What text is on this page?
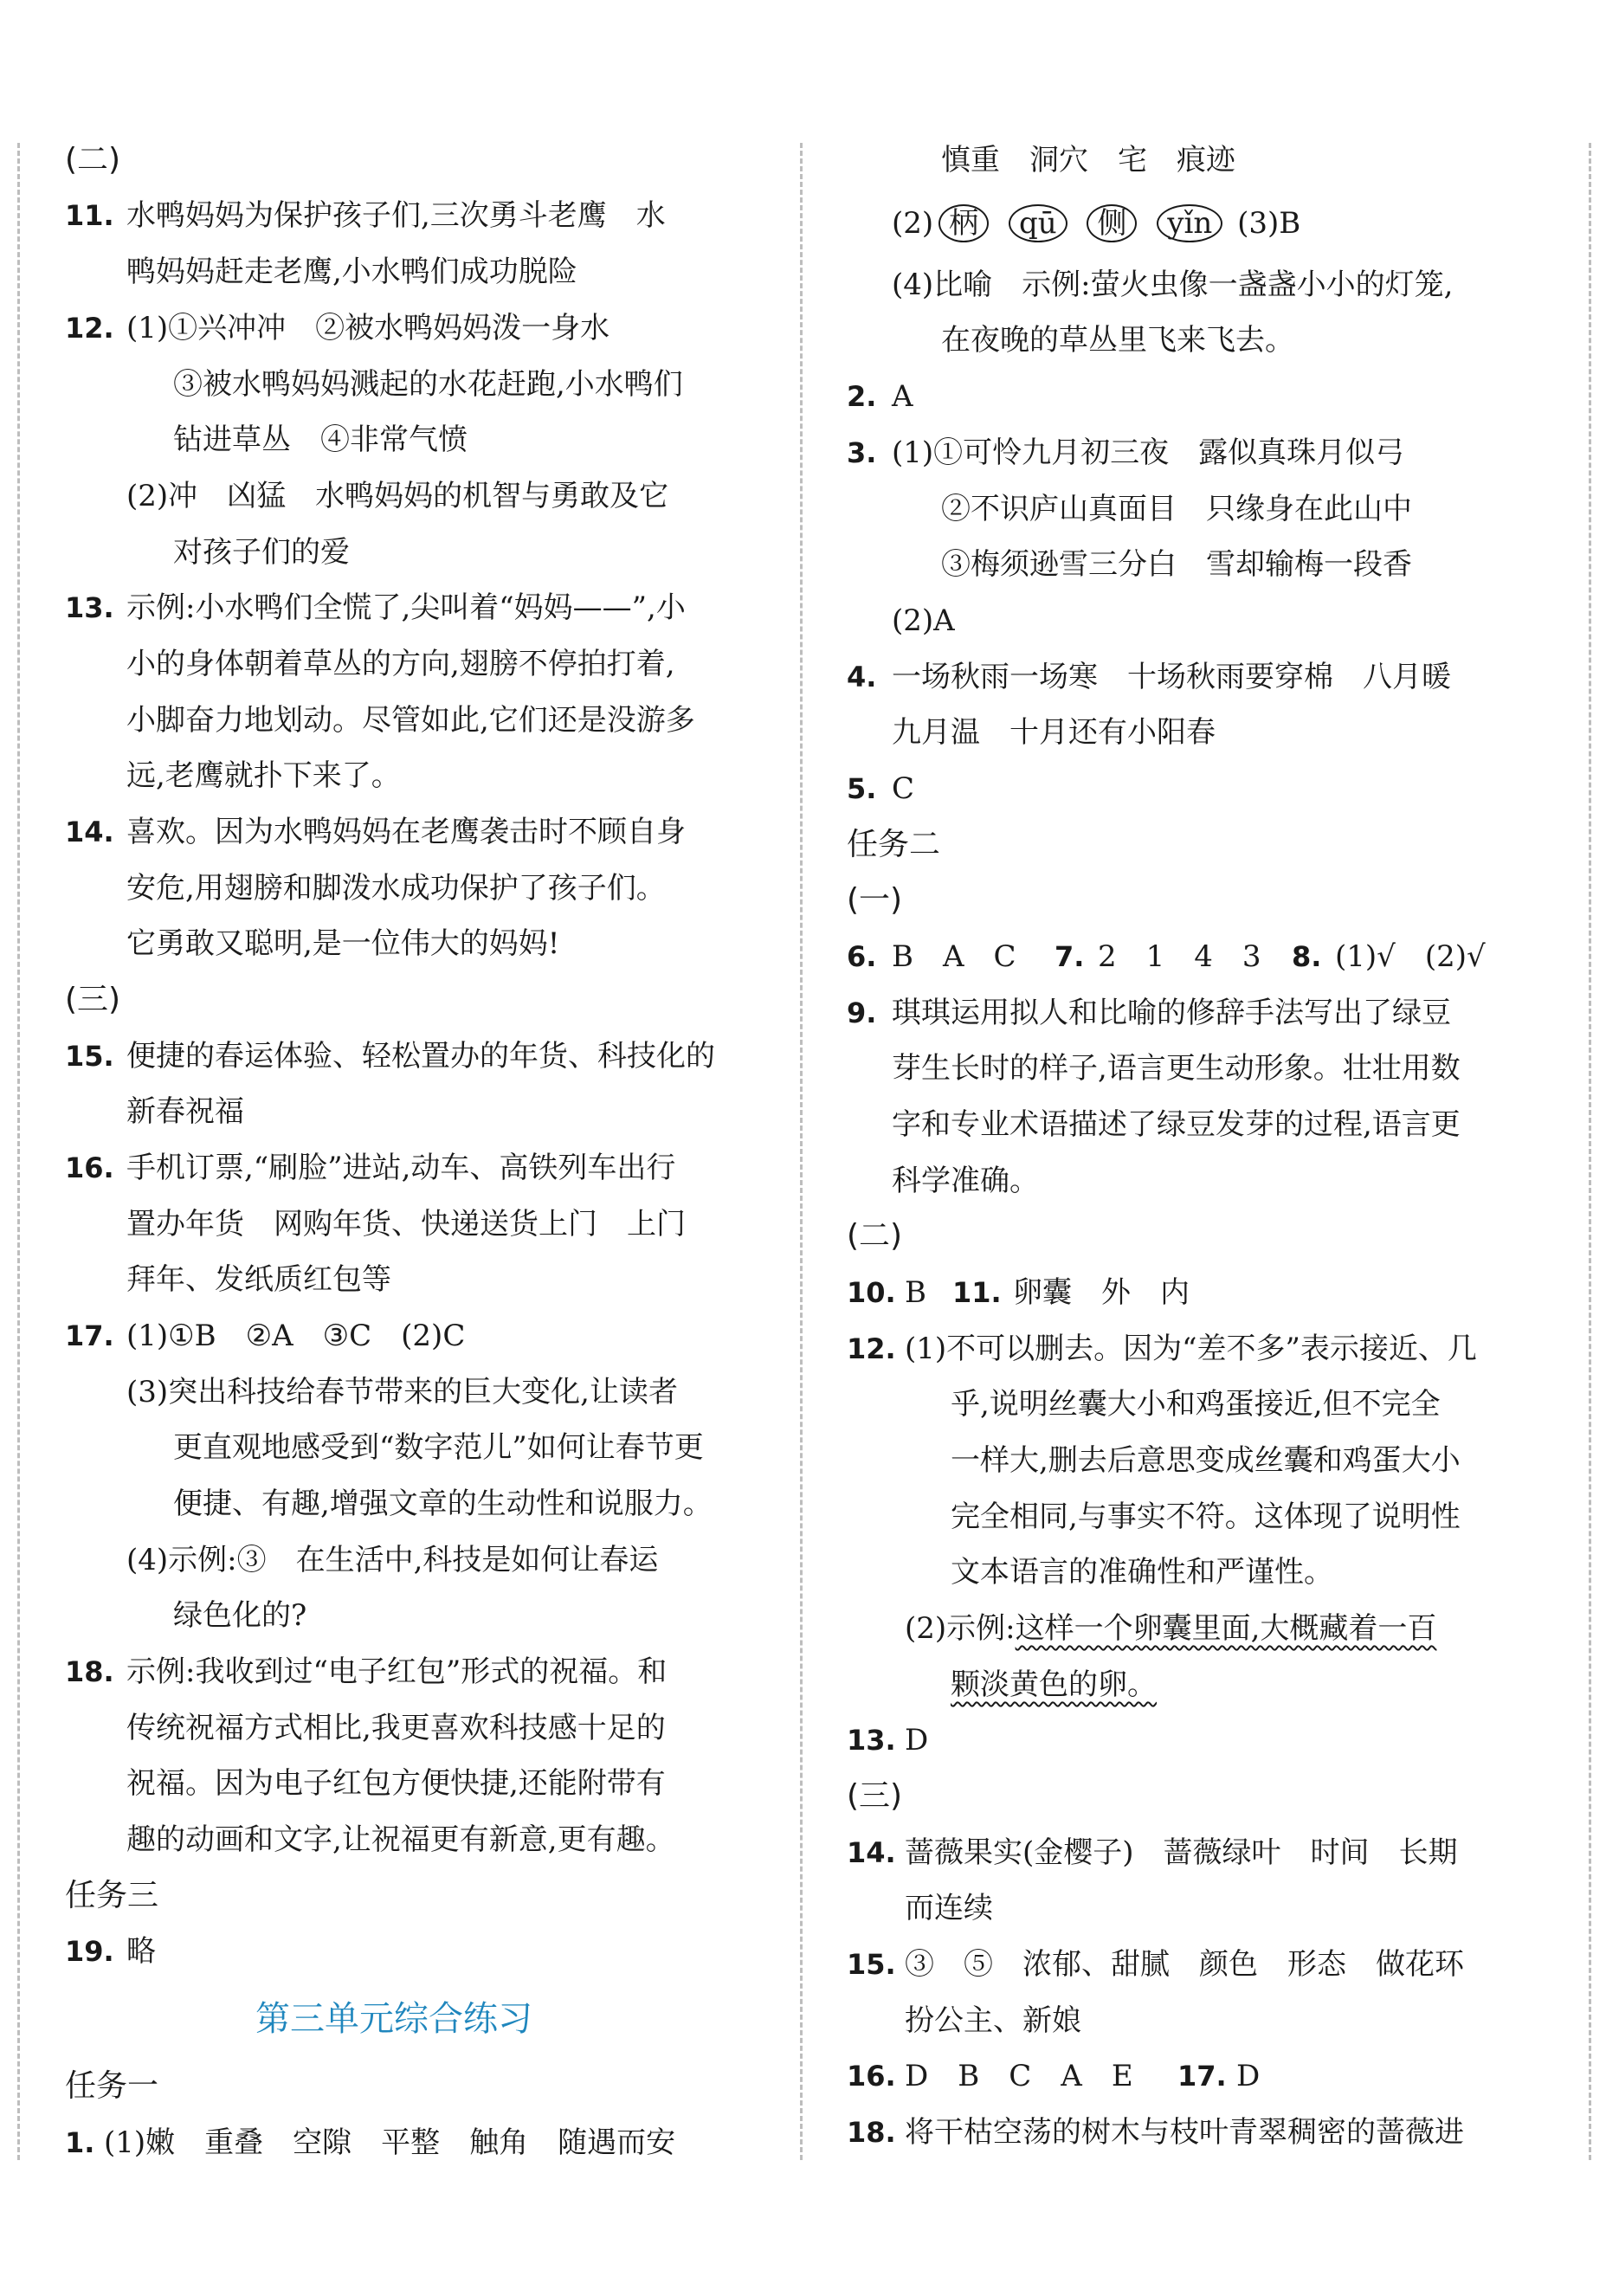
(二)
11. 水鸭妈妈为保护孩子们,三次勇斗老鹰　水
鸭妈妈赶走老鹰,小水鸭们成功脱险
12. (1)①兴冲冲　②被水鸭妈妈泼一身水
③被水鸭妈妈溅起的水花赶跑,小水鸭们
钻进草丛　④非常气愤
(2)冲　凶猛　水鸭妈妈的机智与勇敢及它
对孩子们的爱
13. 示例:小水鸭们全慌了,尖叫着“妈妈——”,小
小的身体朝着草丛的方向,翅膀不停拍打着,
小脚奋力地划动。尽管如此,它们还是没游多
远,老鹰就扑下来了。
14. 喜欢。因为水鸭妈妈在老鹰袭击时不顾自身
安危,用翅膀和脚泼水成功保护了孩子们。
它勇敢又聪明,是一位伟大的妈妈!
(三)
15. 便捷的春运体验、轻松置办的年货、科技化的
新春祝福
16. 手机订票,“刷脸”进站,动车、高铁列车出行
置办年货　网购年货、快递送货上门　上门
拜年、发纸质红包等
17. (1)①B　②A　③C　(2)C
(3)突出科技给春节带来的巨大变化,让读者
更直观地感受到“数字范儿”如何让春节更
便捷、有趣,增强文章的生动性和说服力。
(4)示例:③　在生活中,科技是如何让春运
绿色化的?
18. 示例:我收到过“电子红包”形式的祝福。和
传统祝福方式相比,我更喜欢科技感十足的
祝福。因为电子红包方便快捷,还能附带有
趣的动画和文字,让祝福更有新意,更有趣。
任务三
19. 略
第三单元综合练习
任务一
1. (1)嫩　重叠　空隙　平整　触角　随遇而安
慎重　洞穴　宅　痕迹
(2) 柄 qū 侧 yǐn (3)B
(4)比喻　示例:萤火虫像一盏盏小小的灯笼,
在夜晚的草丛里飞来飞去。
2. A
3. (1)①可怜九月初三夜　露似真珠月似弓
②不识庐山真面目　只缘身在此山中
③梅须逊雪三分白　雪却输梅一段香
(2)A
4. 一场秋雨一场寒　十场秋雨要穿棉　八月暖
九月温　十月还有小阳春
5. C
任务二
(一)
6. B　A　C 7. 2　1　4　3 8. (1)√　(2)√
9. 琪琪运用拟人和比喻的修辞手法写出了绿豆
芽生长时的样子,语言更生动形象。壮壮用数
字和专业术语描述了绿豆发芽的过程,语言更
科学准确。
(二)
10. B 11. 卵囊　外　内
12. (1)不可以删去。因为“差不多”表示接近、几
乎,说明丝囊大小和鸡蛋接近,但不完全
一样大,删去后意思变成丝囊和鸡蛋大小
完全相同,与事实不符。这体现了说明性
文本语言的准确性和严谨性。
(2)示例:这样一个卵囊里面,大概藏着一百
颗淡黄色的卵。
13. D
(三)
14. 蔷薇果实(金樱子)　蔷薇绿叶　时间　长期
而连续
15. ③　⑤　浓郁、甜腻　颜色　形态　做花环
扮公主、新娘
16. D　B　C　A　E 17. D
18. 将干枯空荡的树木与枝叶青翠稠密的蔷薇进
